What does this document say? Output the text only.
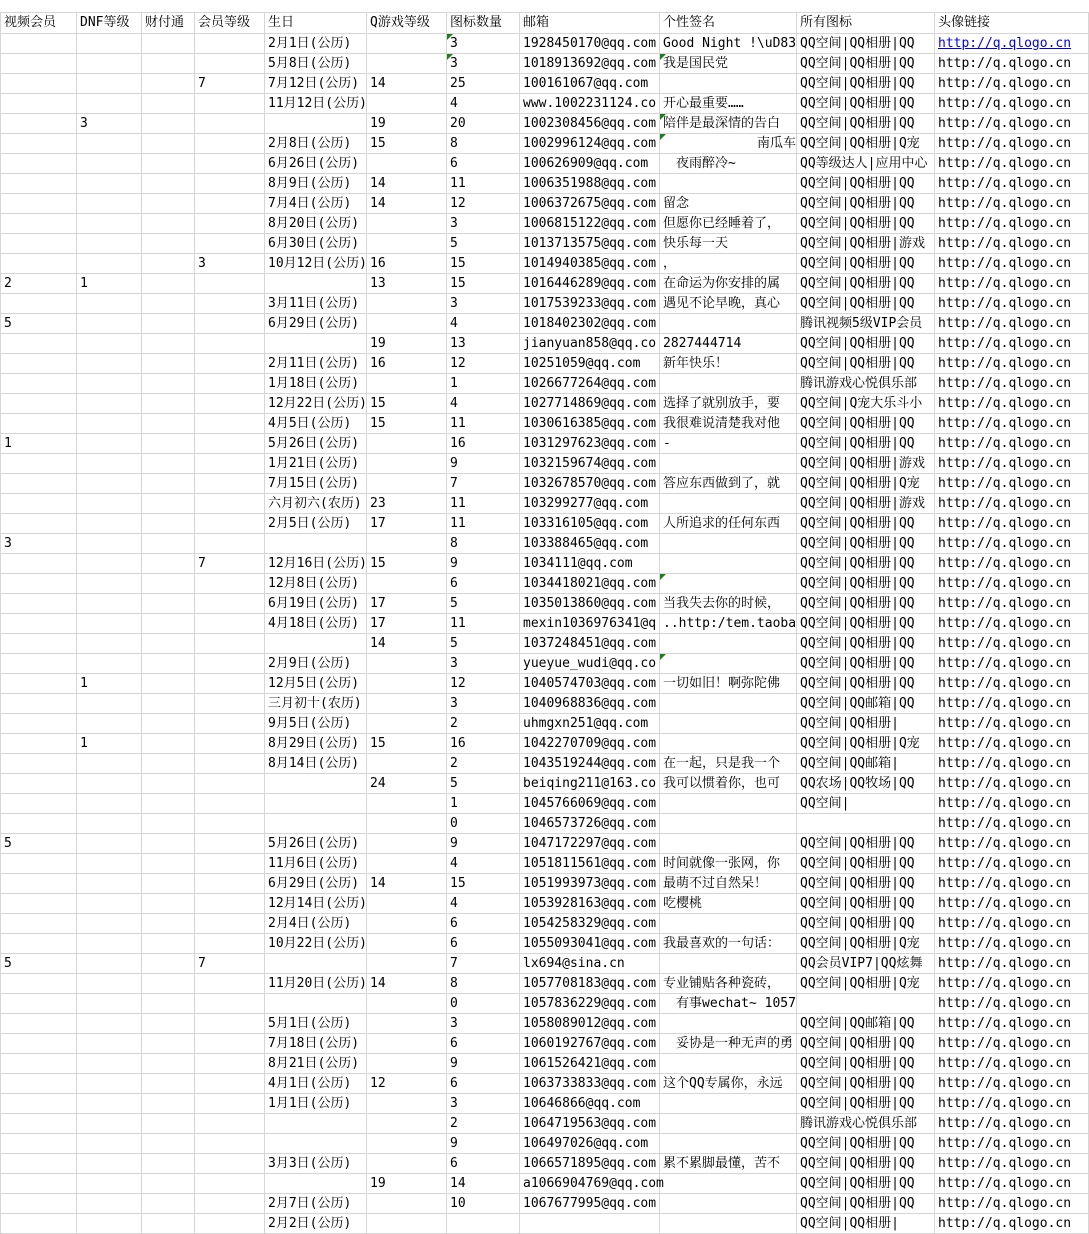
视频会员	DNF等级	财付通	会员等级	生日	Q游戏等级	图标数量	邮箱	个性签名	所有图标	头像链接
				2月1日(公历)		3	1928450170@qq.com	Good Night !\uD83	QQ空间|QQ相册|QQ	http://q.qlogo.cn
				5月8日(公历)		3	1018913692@qq.com	我是国民党	QQ空间|QQ相册|QQ	http://q.qlogo.cn
			7	7月12日(公历)	14	25	100161067@qq.com		QQ空间|QQ相册|QQ	http://q.qlogo.cn
				11月12日(公历)		4	www.1002231124.co	开心最重要……	QQ空间|QQ相册|QQ	http://q.qlogo.cn
	3				19	20	1002308456@qq.com	陪伴是最深情的告白	QQ空间|QQ相册|QQ	http://q.qlogo.cn
				2月8日(公历)	15	8	1002996124@qq.com	南瓜车	QQ空间|QQ相册|Q宠	http://q.qlogo.cn
				6月26日(公历)		6	100626909@qq.com	　夜雨醉冷~	QQ等级达人|应用中心	http://q.qlogo.cn
				8月9日(公历)	14	11	1006351988@qq.com		QQ空间|QQ相册|QQ	http://q.qlogo.cn
				7月4日(公历)	14	12	1006372675@qq.com	留念	QQ空间|QQ相册|QQ	http://q.qlogo.cn
				8月20日(公历)		3	1006815122@qq.com	但愿你已经睡着了，	QQ空间|QQ相册|QQ	http://q.qlogo.cn
				6月30日(公历)		5	1013713575@qq.com	快乐每一天	QQ空间|QQ相册|游戏	http://q.qlogo.cn
			3	10月12日(公历)	16	15	1014940385@qq.com	，	QQ空间|QQ相册|QQ	http://q.qlogo.cn
2	1				13	15	1016446289@qq.com	在命运为你安排的属	QQ空间|QQ相册|QQ	http://q.qlogo.cn
				3月11日(公历)		3	1017539233@qq.com	遇见不论早晚，真心	QQ空间|QQ相册|QQ	http://q.qlogo.cn
5				6月29日(公历)		4	1018402302@qq.com		腾讯视频5级VIP会员	http://q.qlogo.cn
					19	13	jianyuan858@qq.co	2827444714	QQ空间|QQ相册|QQ	http://q.qlogo.cn
				2月11日(公历)	16	12	10251059@qq.com	新年快乐！	QQ空间|QQ相册|QQ	http://q.qlogo.cn
				1月18日(公历)		1	1026677264@qq.com		腾讯游戏心悦俱乐部	http://q.qlogo.cn
				12月22日(公历)	15	4	1027714869@qq.com	选择了就别放手，要	QQ空间|Q宠大乐斗小	http://q.qlogo.cn
				4月5日(公历)	15	11	1030616385@qq.com	我很难说清楚我对他	QQ空间|QQ相册|QQ	http://q.qlogo.cn
1				5月26日(公历)		16	1031297623@qq.com	-	QQ空间|QQ相册|QQ	http://q.qlogo.cn
				1月21日(公历)		9	1032159674@qq.com		QQ空间|QQ相册|游戏	http://q.qlogo.cn
				7月15日(公历)		7	1032678570@qq.com	答应东西做到了，就	QQ空间|QQ相册|Q宠	http://q.qlogo.cn
				六月初六(农历)	23	11	103299277@qq.com		QQ空间|QQ相册|游戏	http://q.qlogo.cn
				2月5日(公历)	17	11	103316105@qq.com	人所追求的任何东西	QQ空间|QQ相册|QQ	http://q.qlogo.cn
3						8	103388465@qq.com		QQ空间|QQ相册|QQ	http://q.qlogo.cn
			7	12月16日(公历)	15	9	1034111@qq.com		QQ空间|QQ相册|QQ	http://q.qlogo.cn
				12月8日(公历)		6	1034418021@qq.com		QQ空间|QQ相册|QQ	http://q.qlogo.cn
				6月19日(公历)	17	5	1035013860@qq.com	当我失去你的时候，	QQ空间|QQ相册|QQ	http://q.qlogo.cn
				4月18日(公历)	17	11	mexin1036976341@q	..http:/tem.taoba	QQ空间|QQ相册|QQ	http://q.qlogo.cn
					14	5	1037248451@qq.com		QQ空间|QQ相册|QQ	http://q.qlogo.cn
				2月9日(公历)		3	yueyue_wudi@qq.co		QQ空间|QQ相册|QQ	http://q.qlogo.cn
	1			12月5日(公历)		12	1040574703@qq.com	一切如旧！啊弥陀佛	QQ空间|QQ相册|QQ	http://q.qlogo.cn
				三月初十(农历)		3	1040968836@qq.com		QQ空间|QQ邮箱|QQ	http://q.qlogo.cn
				9月5日(公历)		2	uhmgxn251@qq.com		QQ空间|QQ相册|	http://q.qlogo.cn
	1			8月29日(公历)	15	16	1042270709@qq.com		QQ空间|QQ相册|Q宠	http://q.qlogo.cn
				8月14日(公历)		2	1043519244@qq.com	在一起，只是我一个	QQ空间|QQ邮箱|	http://q.qlogo.cn
					24	5	beiqing211@163.co	我可以惯着你，也可	QQ农场|QQ牧场|QQ	http://q.qlogo.cn
						1	1045766069@qq.com		QQ空间|	http://q.qlogo.cn
						0	1046573726@qq.com			http://q.qlogo.cn
5				5月26日(公历)		9	1047172297@qq.com		QQ空间|QQ相册|QQ	http://q.qlogo.cn
				11月6日(公历)		4	1051811561@qq.com	时间就像一张网，你	QQ空间|QQ相册|QQ	http://q.qlogo.cn
				6月29日(公历)	14	15	1051993973@qq.com	最萌不过自然呆！	QQ空间|QQ相册|QQ	http://q.qlogo.cn
				12月14日(公历)		4	1053928163@qq.com	吃樱桃	QQ空间|QQ相册|QQ	http://q.qlogo.cn
				2月4日(公历)		6	1054258329@qq.com		QQ空间|QQ相册|QQ	http://q.qlogo.cn
				10月22日(公历)		6	1055093041@qq.com	我最喜欢的一句话：	QQ空间|QQ相册|Q宠	http://q.qlogo.cn
5			7			7	lx694@sina.cn		QQ会员VIP7|QQ炫舞	http://q.qlogo.cn
				11月20日(公历)	14	8	1057708183@qq.com	专业铺贴各种瓷砖，	QQ空间|QQ相册|Q宠	http://q.qlogo.cn
						0	1057836229@qq.com	　有事wechat~ 1057		http://q.qlogo.cn
				5月1日(公历)		3	1058089012@qq.com		QQ空间|QQ邮箱|QQ	http://q.qlogo.cn
				7月18日(公历)		6	1060192767@qq.com	　妥协是一种无声的勇	QQ空间|QQ相册|QQ	http://q.qlogo.cn
				8月21日(公历)		9	1061526421@qq.com		QQ空间|QQ相册|QQ	http://q.qlogo.cn
				4月1日(公历)	12	6	1063733833@qq.com	这个QQ专属你，永远	QQ空间|QQ相册|QQ	http://q.qlogo.cn
				1月1日(公历)		3	10646866@qq.com		QQ空间|QQ相册|QQ	http://q.qlogo.cn
						2	1064719563@qq.com		腾讯游戏心悦俱乐部	http://q.qlogo.cn
						9	106497026@qq.com		QQ空间|QQ相册|QQ	http://q.qlogo.cn
				3月3日(公历)		6	1066571895@qq.com	累不累脚最懂，苦不	QQ空间|QQ相册|QQ	http://q.qlogo.cn
					19	14	a1066904769@qq.com		QQ空间|QQ相册|QQ	http://q.qlogo.cn
				2月7日(公历)		10	1067677995@qq.com		QQ空间|QQ相册|QQ	http://q.qlogo.cn
				2月2日(公历)					QQ空间|QQ相册|	http://q.qlogo.cn
